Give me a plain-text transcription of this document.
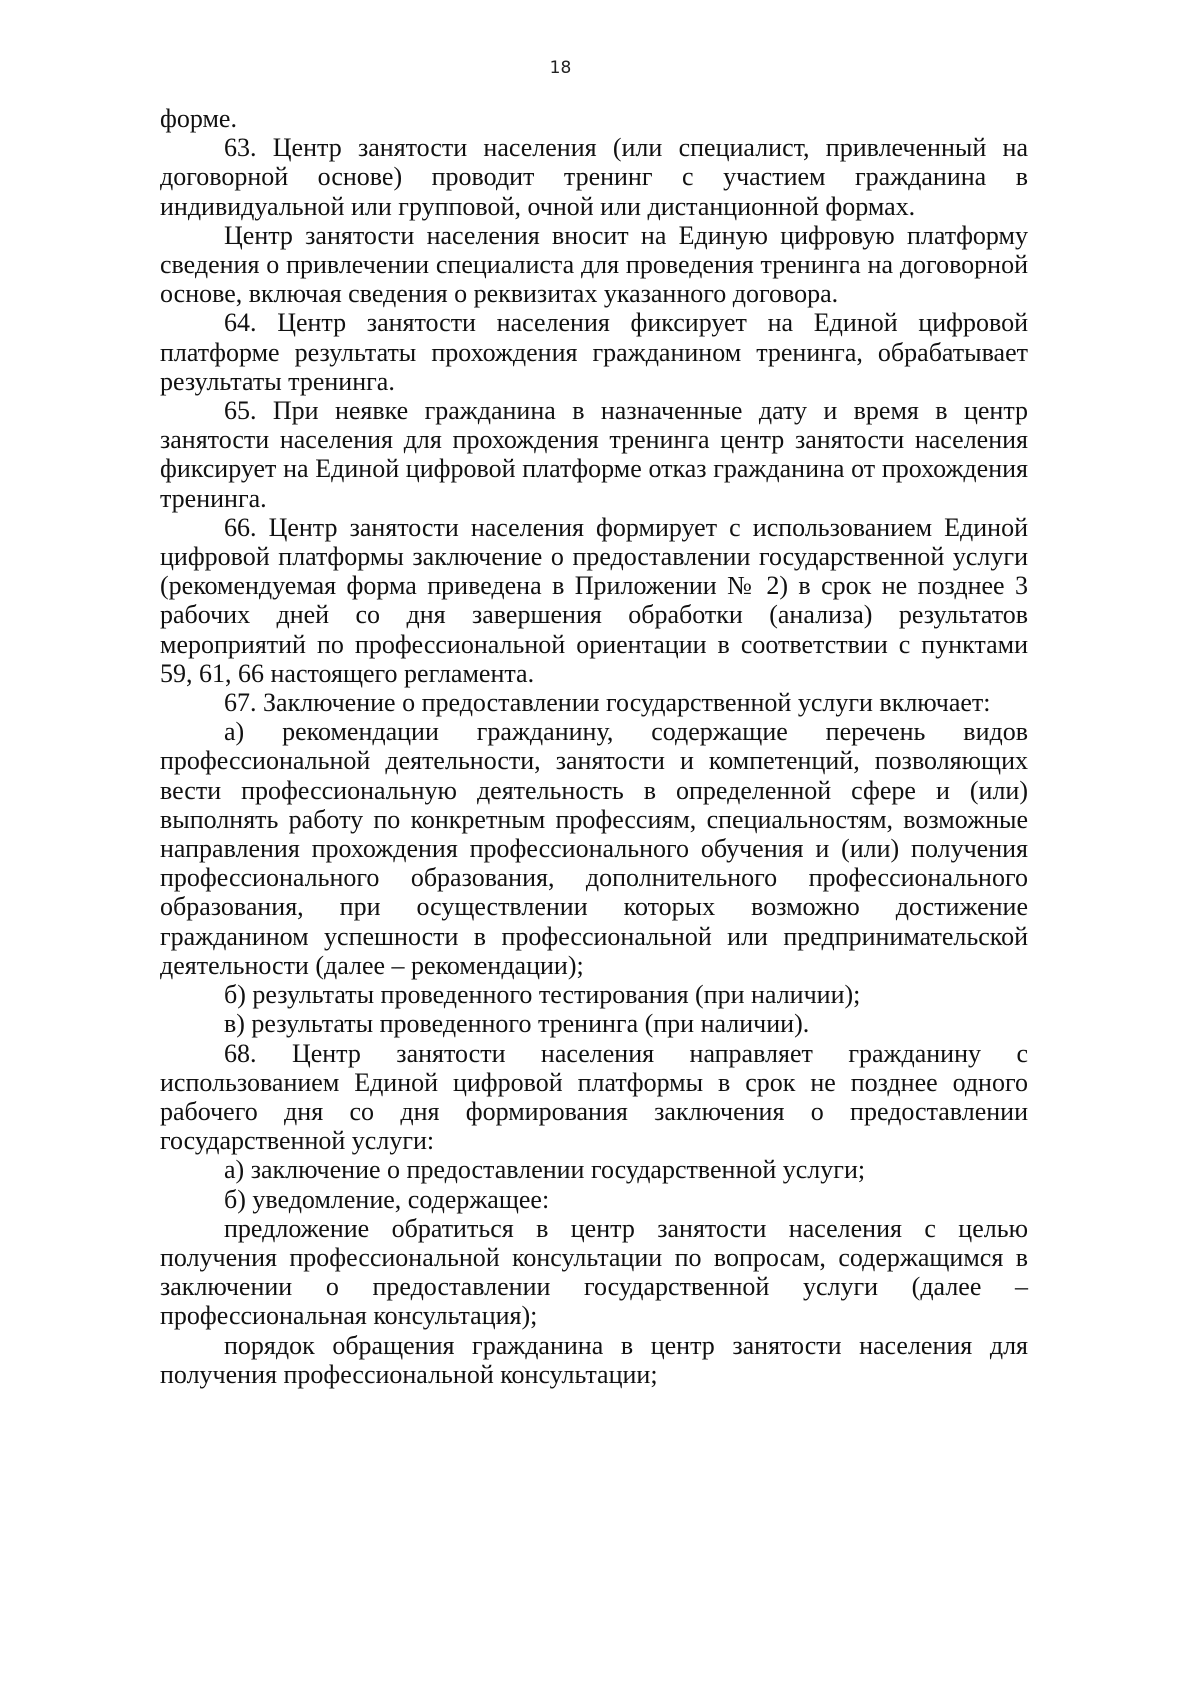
18

форме.

63. Центр занятости населения (или специалист, привлеченный на договорной основе) проводит тренинг с участием гражданина в индивидуальной или групповой, очной или дистанционной формах.

Центр занятости населения вносит на Единую цифровую платформу сведения о привлечении специалиста для проведения тренинга на договорной основе, включая сведения о реквизитах указанного договора.

64. Центр занятости населения фиксирует на Единой цифровой платформе результаты прохождения гражданином тренинга, обрабатывает результаты тренинга.

65. При неявке гражданина в назначенные дату и время в центр занятости населения для прохождения тренинга центр занятости населения фиксирует на Единой цифровой платформе отказ гражданина от прохождения тренинга.

66. Центр занятости населения формирует с использованием Единой цифровой платформы заключение о предоставлении государственной услуги (рекомендуемая форма приведена в Приложении № 2) в срок не позднее 3 рабочих дней со дня завершения обработки (анализа) результатов мероприятий по профессиональной ориентации в соответствии с пунктами 59, 61, 66 настоящего регламента.

67. Заключение о предоставлении государственной услуги включает:

а) рекомендации гражданину, содержащие перечень видов профессиональной деятельности, занятости и компетенций, позволяющих вести профессиональную деятельность в определенной сфере и (или) выполнять работу по конкретным профессиям, специальностям, возможные направления прохождения профессионального обучения и (или) получения профессионального образования, дополнительного профессионального образования, при осуществлении которых возможно достижение гражданином успешности в профессиональной или предпринимательской деятельности (далее – рекомендации);

б) результаты проведенного тестирования (при наличии);

в) результаты проведенного тренинга (при наличии).

68. Центр занятости населения направляет гражданину с использованием Единой цифровой платформы в срок не позднее одного рабочего дня со дня формирования заключения о предоставлении государственной услуги:

а) заключение о предоставлении государственной услуги;

б) уведомление, содержащее:

предложение обратиться в центр занятости населения с целью получения профессиональной консультации по вопросам, содержащимся в заключении о предоставлении государственной услуги (далее – профессиональная консультация);

порядок обращения гражданина в центр занятости населения для получения профессиональной консультации;
